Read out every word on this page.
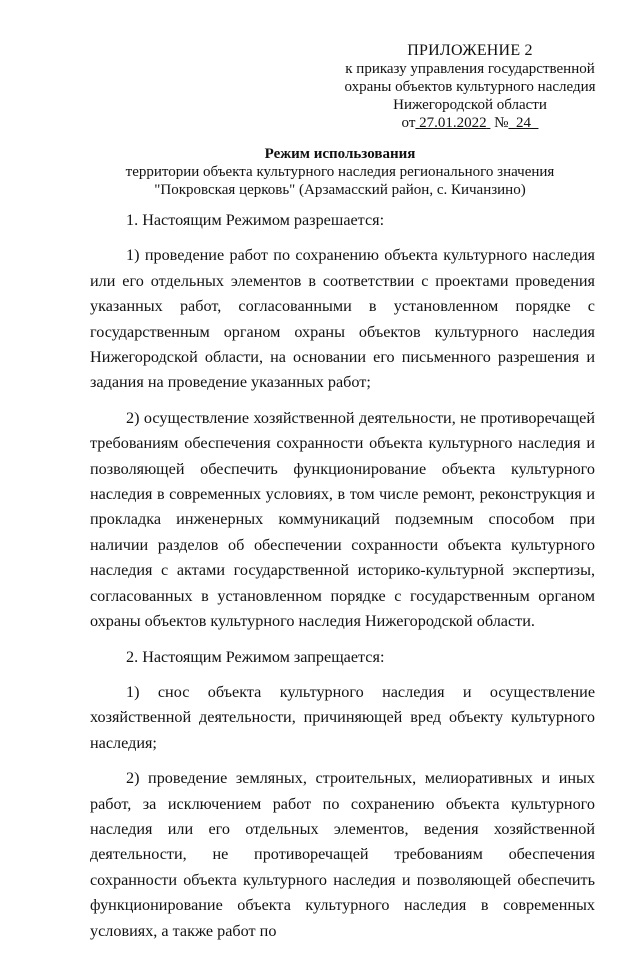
ПРИЛОЖЕНИЕ 2
к приказу управления государственной
охраны объектов культурного наследия
Нижегородской области
от 27.01.2022 № 24
Режим использования
территории объекта культурного наследия регионального значения
"Покровская церковь" (Арзамасский район, с. Кичанзино)

1. Настоящим Режимом разрешается:

1) проведение работ по сохранению объекта культурного наследия или его отдельных элементов в соответствии с проектами проведения указанных работ, согласованными в установленном порядке с государственным органом охраны объектов культурного наследия Нижегородской области, на основании его письменного разрешения и задания на проведение указанных работ;

2) осуществление хозяйственной деятельности, не противоречащей требованиям обеспечения сохранности объекта культурного наследия и позволяющей обеспечить функционирование объекта культурного наследия в современных условиях, в том числе ремонт, реконструкция и прокладка инженерных коммуникаций подземным способом при наличии разделов об обеспечении сохранности объекта культурного наследия с актами государственной историко-культурной экспертизы, согласованных в установленном порядке с государственным органом охраны объектов культурного наследия Нижегородской области.

2. Настоящим Режимом запрещается:

1) снос объекта культурного наследия и осуществление хозяйственной деятельности, причиняющей вред объекту культурного наследия;

2) проведение земляных, строительных, мелиоративных и иных работ, за исключением работ по сохранению объекта культурного наследия или его отдельных элементов, ведения хозяйственной деятельности, не противоречащей требованиям обеспечения сохранности объекта культурного наследия и позволяющей обеспечить функционирование объекта культурного наследия в современных условиях, а также работ по
